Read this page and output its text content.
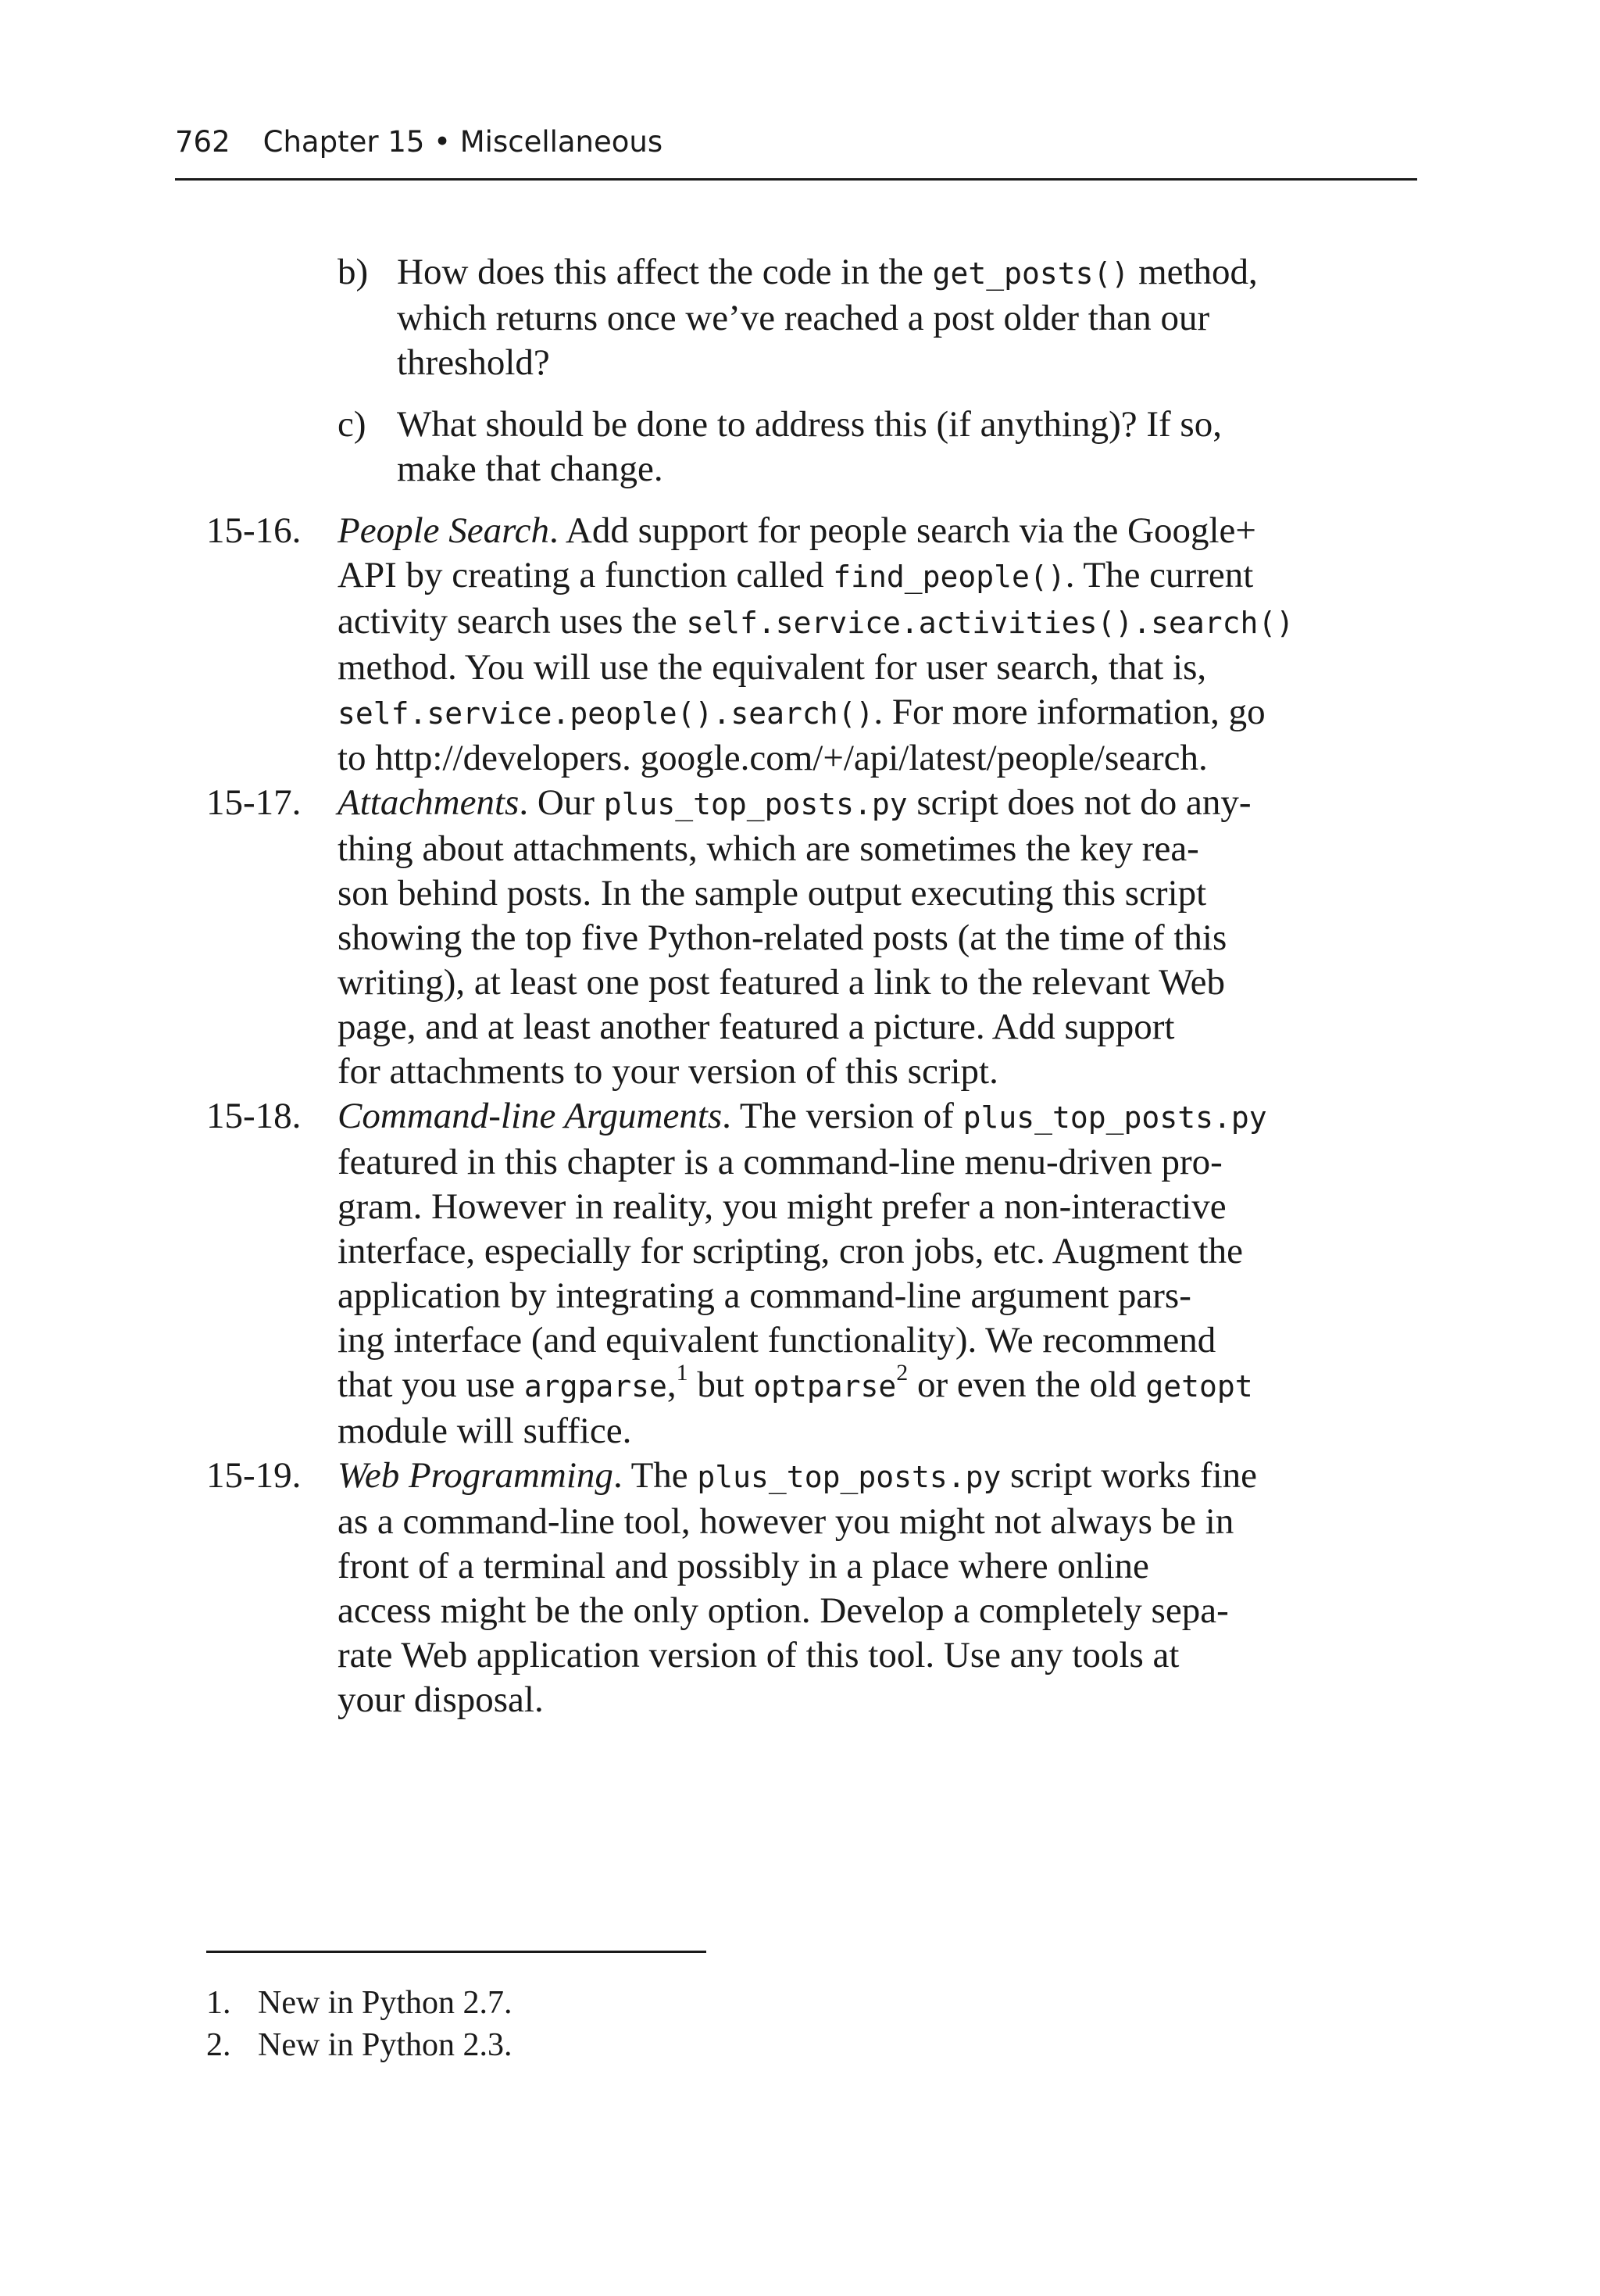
762 Chapter 15 • Miscellaneous
b) How does this affect the code in the get_posts() method,
which returns once we’ve reached a post older than our
threshold?
c) What should be done to address this (if anything)? If so,
make that change.
15-16. People Search. Add support for people search via the Google+
API by creating a function called find_people(). The current
activity search uses the self.service.activities().search()
method. You will use the equivalent for user search, that is,
self.service.people().search(). For more information, go
to http://developers. google.com/+/api/latest/people/search.
15-17. Attachments. Our plus_top_posts.py script does not do any-
thing about attachments, which are sometimes the key rea-
son behind posts. In the sample output executing this script
showing the top five Python-related posts (at the time of this
writing), at least one post featured a link to the relevant Web
page, and at least another featured a picture. Add support
for attachments to your version of this script.
15-18. Command-line Arguments. The version of plus_top_posts.py
featured in this chapter is a command-line menu-driven pro-
gram. However in reality, you might prefer a non-interactive
interface, especially for scripting, cron jobs, etc. Augment the
application by integrating a command-line argument pars-
ing interface (and equivalent functionality). We recommend
that you use argparse,$^1$ but optparse$^2$ or even the old getopt
module will suffice.
15-19. Web Programming. The plus_top_posts.py script works fine
as a command-line tool, however you might not always be in
front of a terminal and possibly in a place where online
access might be the only option. Develop a completely sepa-
rate Web application version of this tool. Use any tools at
your disposal.
1. New in Python 2.7.
2. New in Python 2.3.
